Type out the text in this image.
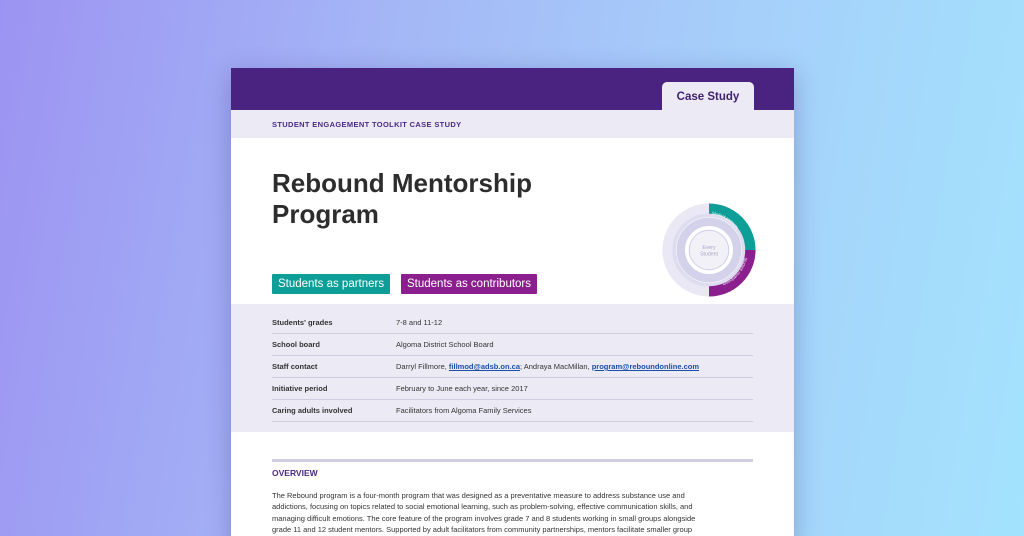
Case Study
STUDENT ENGAGEMENT TOOLKIT CASE STUDY
Rebound Mentorship Program
Students as partners	Students as contributors
Student partners
Student contributors
Every
Student
Students' grades	7-8 and 11-12
School board	Algoma District School Board
Staff contact	Darryl Fillmore, fillmod@adsb.on.ca; Andraya MacMillan, program@reboundonline.com
Initiative period	February to June each year, since 2017
Caring adults involved	Facilitators from Algoma Family Services
OVERVIEW
The Rebound program is a four-month program that was designed as a preventative measure to address substance use and
addictions, focusing on topics related to social emotional learning, such as problem-solving, effective communication skills, and
managing difficult emotions. The core feature of the program involves grade 7 and 8 students working in small groups alongside
grade 11 and 12 student mentors. Supported by adult facilitators from community partnerships, mentors facilitate smaller group
